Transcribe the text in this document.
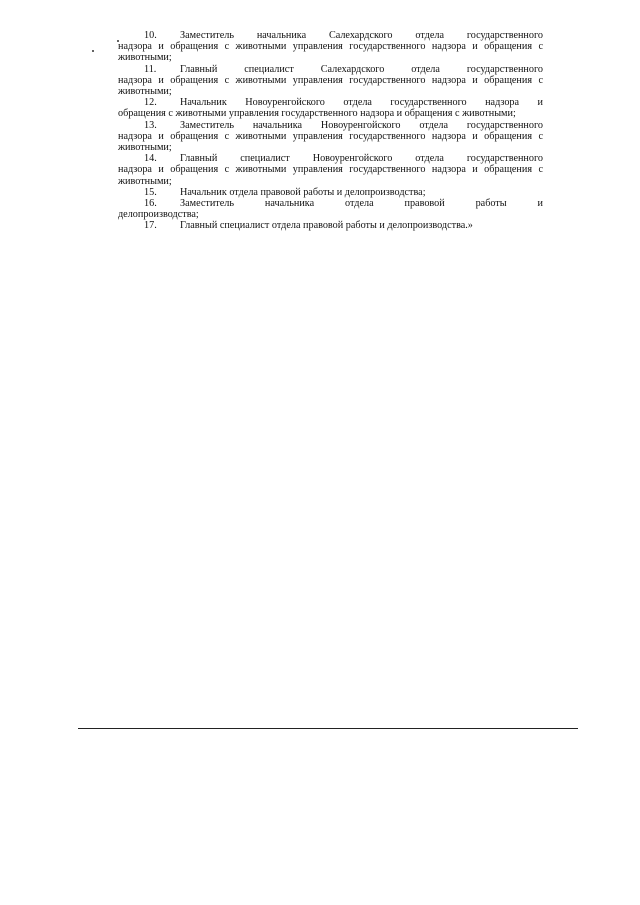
10. Заместитель начальника Салехардского отдела государственного
надзора и обращения с животными управления государственного надзора и обращения с животными;

11. Главный специалист Салехардского отдела государственного
надзора и обращения с животными управления государственного надзора и обращения с животными;

12. Начальник Новоуренгойского отдела государственного надзора и
обращения с животными управления государственного надзора и обращения с животными;

13. Заместитель начальника Новоуренгойского отдела государственного
надзора и обращения с животными управления государственного надзора и обращения с животными;

14. Главный специалист Новоуренгойского отдела государственного
надзора и обращения с животными управления государственного надзора и обращения с животными;

15. Начальник отдела правовой работы и делопроизводства;

16. Заместитель начальника отдела правовой работы и
делопроизводства;

17. Главный специалист отдела правовой работы и делопроизводства.»
